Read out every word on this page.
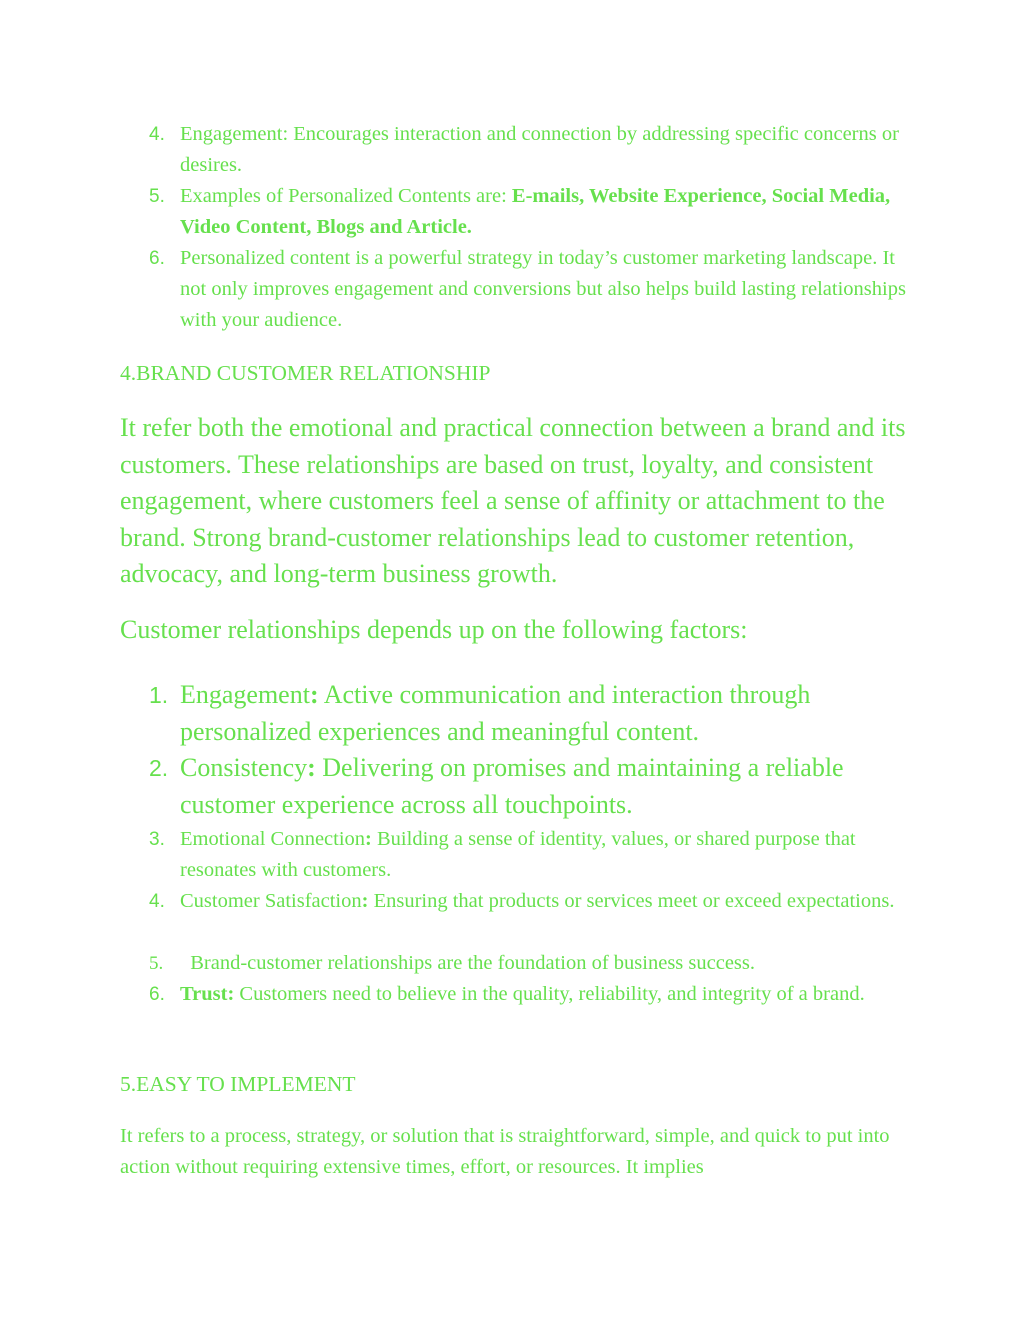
4. Engagement: Encourages interaction and connection by addressing specific concerns or desires.
5. Examples of Personalized Contents are: E-mails, Website Experience, Social Media, Video Content, Blogs and Article.
6. Personalized content is a powerful strategy in today’s customer marketing landscape. It not only improves engagement and conversions but also helps build lasting relationships with your audience.
4.BRAND CUSTOMER RELATIONSHIP
It refer both the emotional and practical connection between a brand and its customers. These relationships are based on trust, loyalty, and consistent engagement, where customers feel a sense of affinity or attachment to the brand. Strong brand-customer relationships lead to customer retention, advocacy, and long-term business growth.
Customer relationships depends up on the following factors:
1. Engagement: Active communication and interaction through personalized experiences and meaningful content.
2. Consistency: Delivering on promises and maintaining a reliable customer experience across all touchpoints.
3. Emotional Connection: Building a sense of identity, values, or shared purpose that resonates with customers.
4. Customer Satisfaction: Ensuring that products or services meet or exceed expectations.
5. Brand-customer relationships are the foundation of business success.
6. Trust: Customers need to believe in the quality, reliability, and integrity of a brand.
5.EASY TO IMPLEMENT
It refers to a process, strategy, or solution that is straightforward, simple, and quick to put into action without requiring extensive times, effort, or resources. It implies
